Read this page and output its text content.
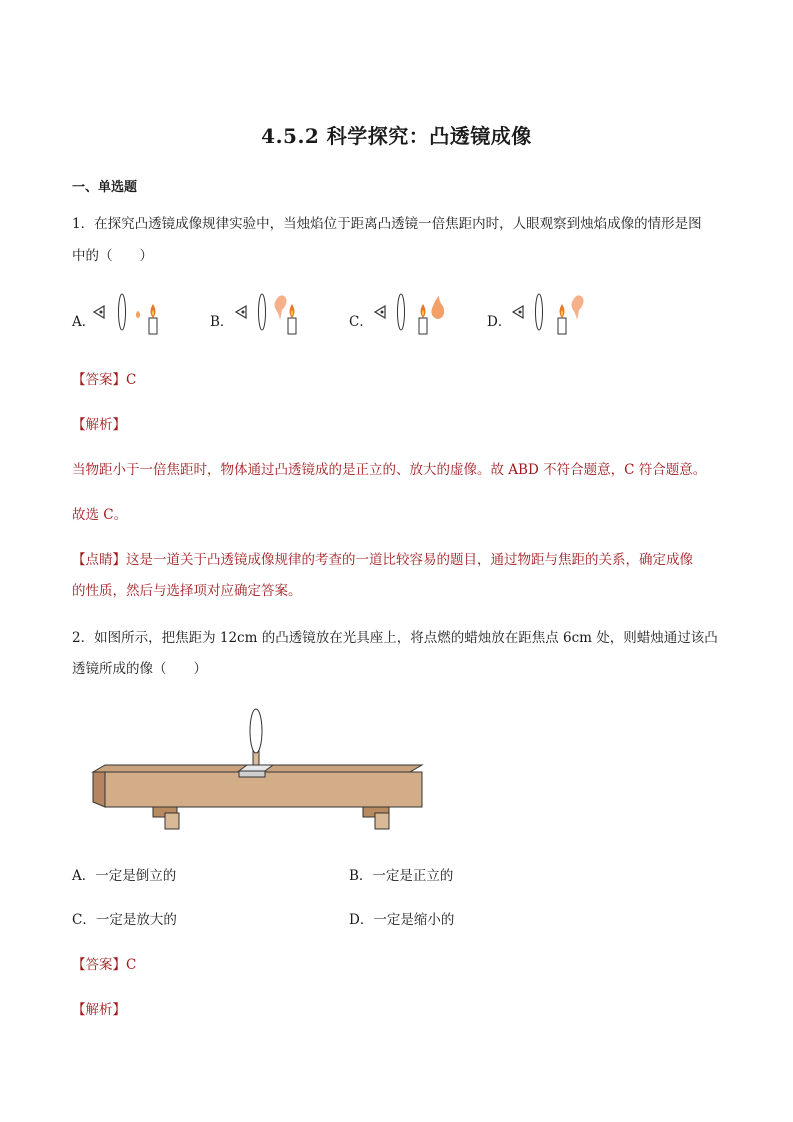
4.5.2 科学探究：凸透镜成像
一、单选题
1．在探究凸透镜成像规律实验中，当烛焰位于距离凸透镜一倍焦距内时，人眼观察到烛焰成像的情形是图
中的（　　）
A．	B．	C．	D．
【答案】C
【解析】
当物距小于一倍焦距时，物体通过凸透镜成的是正立的、放大的虚像。故 ABD 不符合题意，C 符合题意。
故选 C。
【点睛】这是一道关于凸透镜成像规律的考查的一道比较容易的题目，通过物距与焦距的关系，确定成像
的性质，然后与选择项对应确定答案。
2．如图所示，把焦距为 12cm 的凸透镜放在光具座上，将点燃的蜡烛放在距焦点 6cm 处，则蜡烛通过该凸
透镜所成的像（　　）
A．一定是倒立的	B．一定是正立的
C．一定是放大的	D．一定是缩小的
【答案】C
【解析】
